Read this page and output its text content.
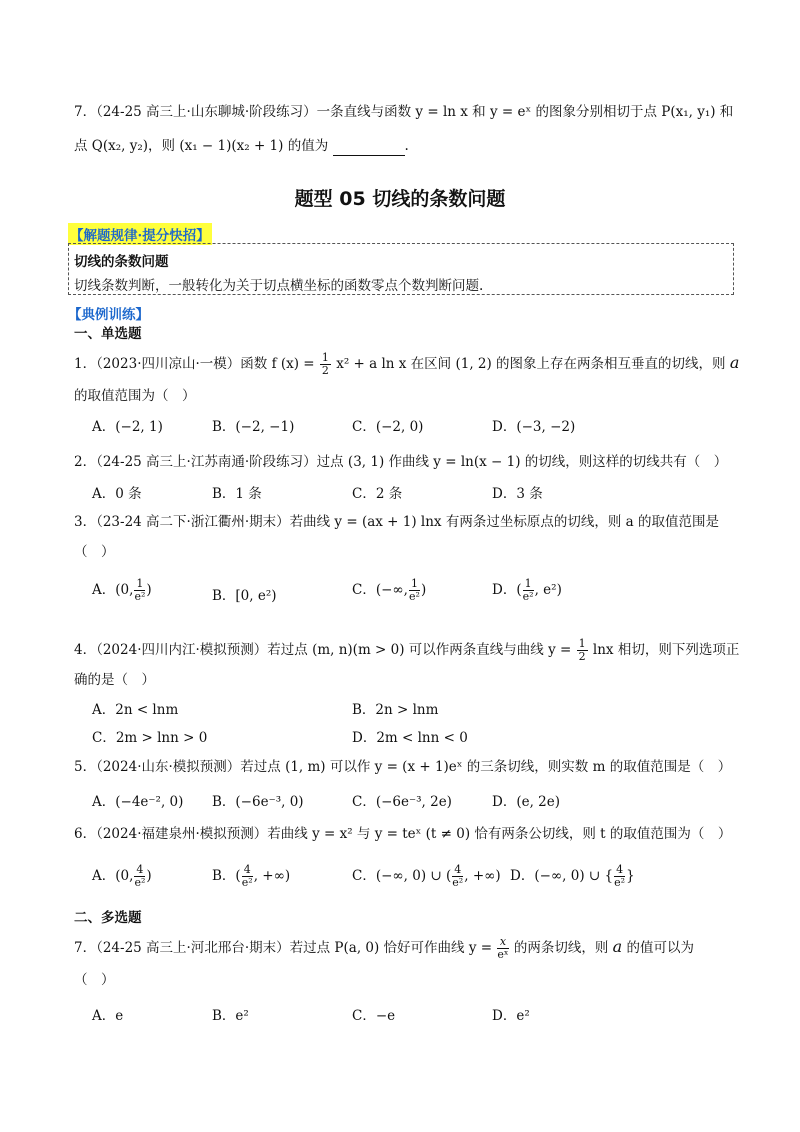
7．（24-25 高三上·山东聊城·阶段练习）一条直线与函数 y = ln x 和 y = eˣ 的图象分别相切于点 P(x₁, y₁) 和
点 Q(x₂, y₂)，则 (x₁ − 1)(x₂ + 1) 的值为	.
题型 05 切线的条数问题
【解题规律·提分快招】
切线的条数问题
切线条数判断，一般转化为关于切点横坐标的函数零点个数判断问题.
【典例训练】
一、单选题
1．（2023·四川凉山·一模）函数 f $(x) = \frac{1}{2} x^2 + a$ ln x 在区间 (1, 2) 的图象上存在两条相互垂直的切线，则 a
的取值范围为（　）
A．(−2, 1)	B．(−2, −1)	C．(−2, 0)	D．(−3, −2)
2．（24-25 高三上·江苏南通·阶段练习）过点 (3, 1) 作曲线 y = ln(x − 1) 的切线，则这样的切线共有（　）
A．0 条	B．1 条	C．2 条	D．3 条
3．（23-24 高二下·浙江衢州·期末）若曲线 y = (ax + 1) lnx 有两条过坐标原点的切线，则 a 的取值范围是
（　）
A．(0, $\frac{1}{\text{e²}}$ )	B．[0, e²)	C．(−∞, $\frac{1}{\text{e²}}$ )	D．( $\frac{1}{\text{e²}}$ , e²)
4．（2024·四川内江·模拟预测）若过点 (m, n)(m > 0) 可以作两条直线与曲线 $y = \frac{1}{2}$ lnx 相切，则下列选项正
确的是（　）
A．2n < lnm	B．2n > lnm
C．2m > lnn > 0	D．2m < lnn < 0
5．（2024·山东·模拟预测）若过点 (1, m) 可以作 y = (x + 1)eˣ 的三条切线，则实数 m 的取值范围是（　）
A．(−4e⁻², 0) B．(−6e⁻³, 0)	C．(−6e⁻³, 2e)	D．(e, 2e)
6．（2024·福建泉州·模拟预测）若曲线 y = x² 与 y = teˣ (t ≠ 0) 恰有两条公切线，则 t 的取值范围为（　）
A．(0, $\frac{4}{\text{e²}}$ )	B．( $\frac{4}{\text{e²}}$ , +∞)	C．(−∞, 0) ∪ ( $\frac{4}{\text{e²}}$ , +∞) D．(−∞, 0) ∪ { $\frac{4}{\text{e²}}$ }
二、多选题
7．（24-25 高三上·河北邢台·期末）若过点 P(a, 0) 恰好可作曲线 $y = \frac{x}{\text{eˣ}}$ 的两条切线，则 a 的值可以为
（　）
A．e	B．e²	C．−e	D．e²
